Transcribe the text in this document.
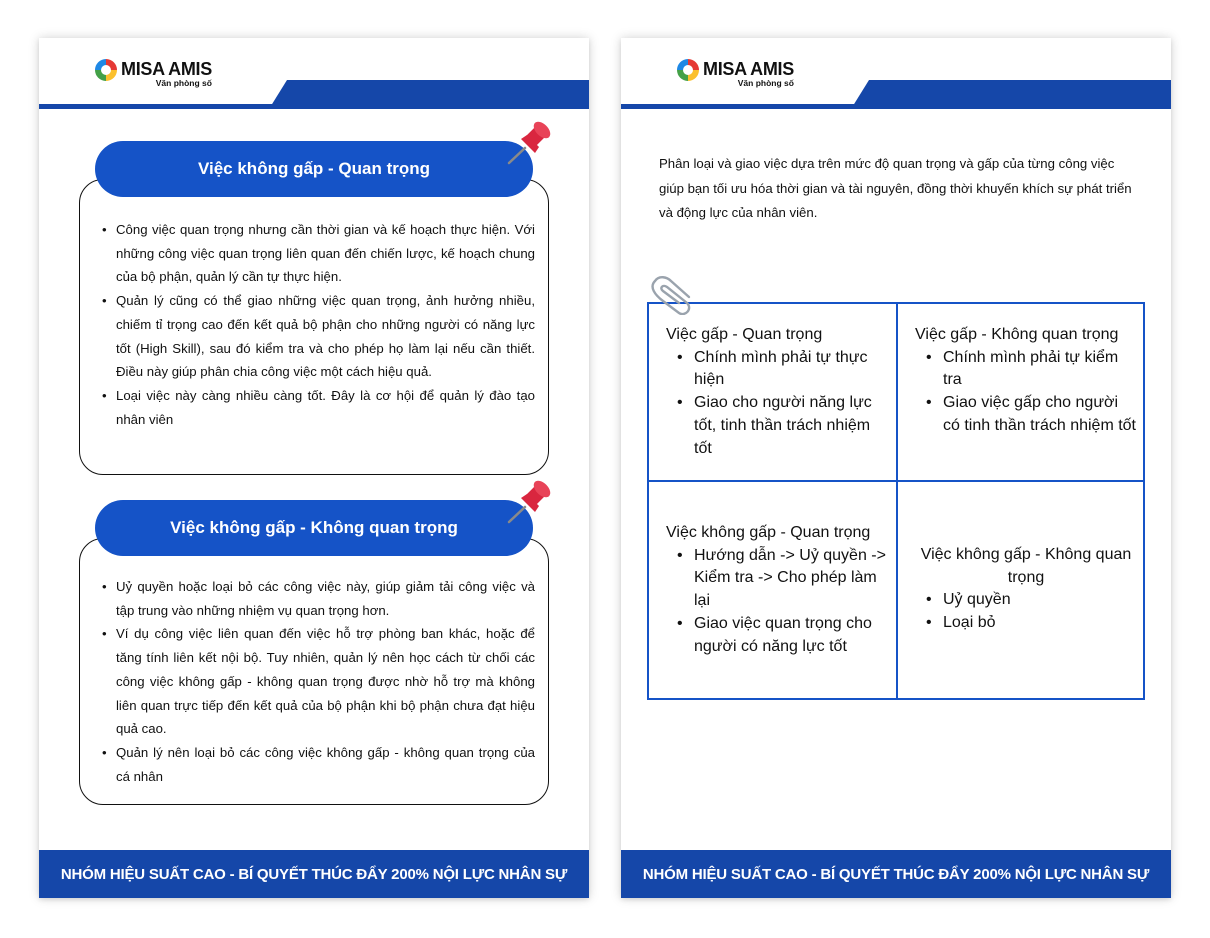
MISA AMIS
Văn phòng số
Việc không gấp - Quan trọng
• Công việc quan trọng nhưng cần thời gian và kế hoạch thực hiện. Với những công việc quan trọng liên quan đến chiến lược, kế hoạch chung của bộ phận, quản lý cần tự thực hiện.
• Quản lý cũng có thể giao những việc quan trọng, ảnh hưởng nhiều, chiếm tỉ trọng cao đến kết quả bộ phận cho những người có năng lực tốt (High Skill), sau đó kiểm tra và cho phép họ làm lại nếu cần thiết. Điều này giúp phân chia công việc một cách hiệu quả.
• Loại việc này càng nhiều càng tốt. Đây là cơ hội để quản lý đào tạo nhân viên
Việc không gấp - Không quan trọng
• Uỷ quyền hoặc loại bỏ các công việc này, giúp giảm tải công việc và tập trung vào những nhiệm vụ quan trọng hơn.
• Ví dụ công việc liên quan đến việc hỗ trợ phòng ban khác, hoặc để tăng tính liên kết nội bộ. Tuy nhiên, quản lý nên học cách từ chối các công việc không gấp - không quan trọng được nhờ hỗ trợ mà không liên quan trực tiếp đến kết quả của bộ phận khi bộ phận chưa đạt hiệu quả cao.
• Quản lý nên loại bỏ các công việc không gấp - không quan trọng của cá nhân
NHÓM HIỆU SUẤT CAO - BÍ QUYẾT THÚC ĐẨY 200% NỘI LỰC NHÂN SỰ
MISA AMIS
Văn phòng số

Phân loại và giao việc dựa trên mức độ quan trọng và gấp của từng công việc giúp bạn tối ưu hóa thời gian và tài nguyên, đồng thời khuyến khích sự phát triển và động lực của nhân viên.

Việc gấp - Quan trọng
• Chính mình phải tự thực hiện
• Giao cho người năng lực tốt, tinh thần trách nhiệm tốt
Việc gấp - Không quan trọng
• Chính mình phải tự kiểm tra
• Giao việc gấp cho người có tinh thần trách nhiệm tốt
Việc không gấp - Quan trọng
• Hướng dẫn -> Uỷ quyền -> Kiểm tra -> Cho phép làm lại
• Giao việc quan trọng cho người có năng lực tốt
Việc không gấp - Không quan trọng
• Uỷ quyền
• Loại bỏ
NHÓM HIỆU SUẤT CAO - BÍ QUYẾT THÚC ĐẨY 200% NỘI LỰC NHÂN SỰ
